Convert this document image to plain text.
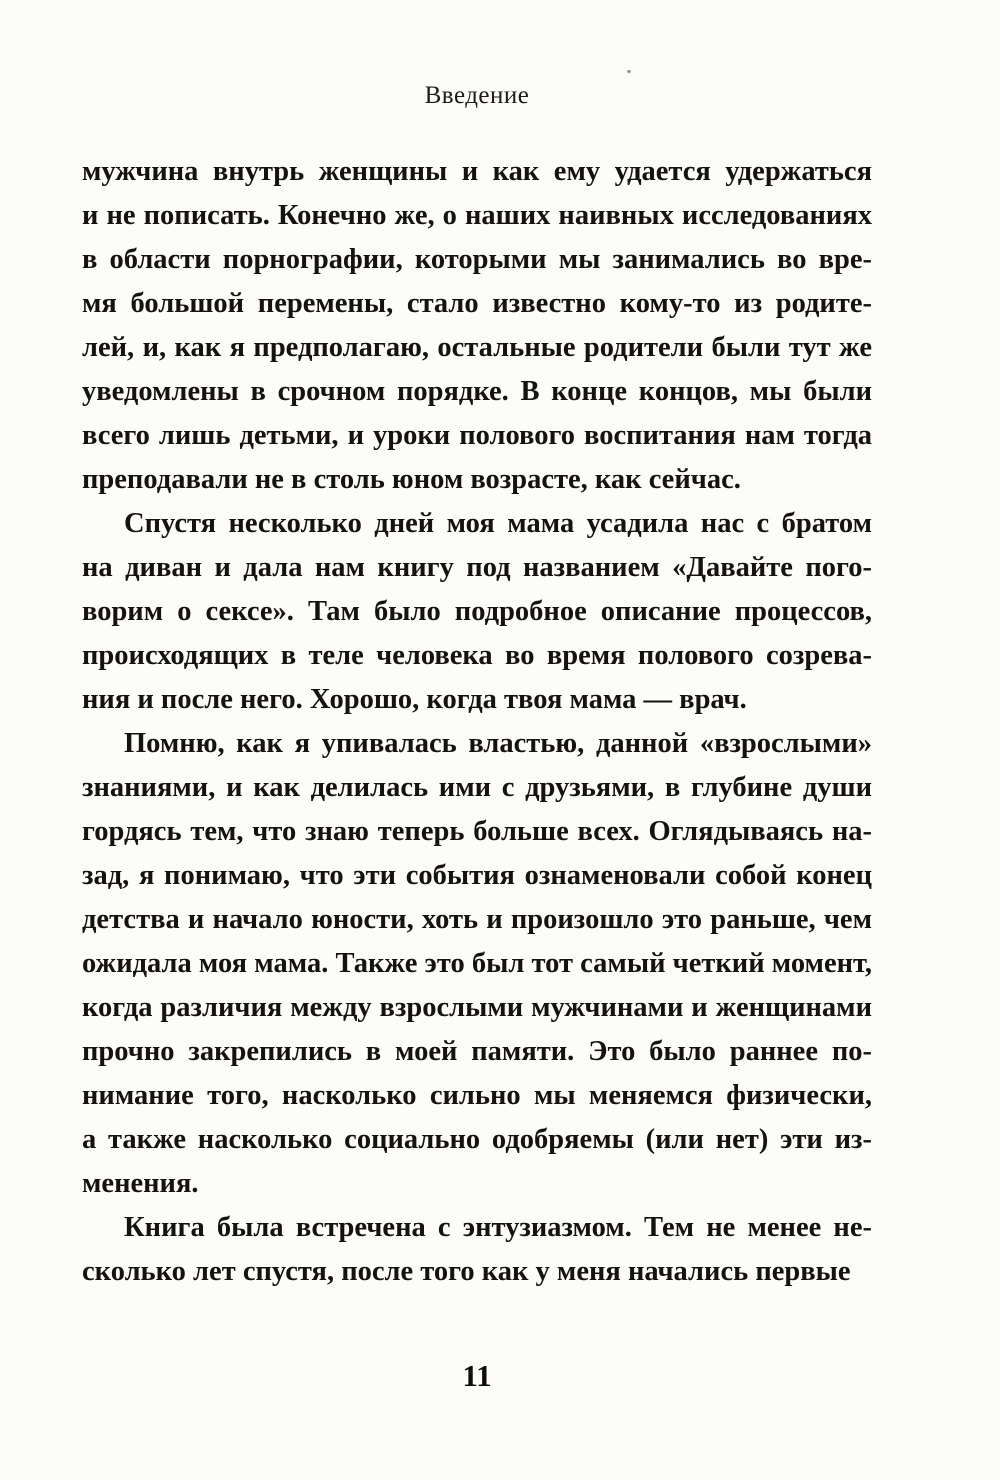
Введение
мужчина внутрь женщины и как ему удается удержаться
и не пописать. Конечно же, о наших наивных исследованиях
в области порнографии, которыми мы занимались во вре-
мя большой перемены, стало известно кому-то из родите-
лей, и, как я предполагаю, остальные родители были тут же
уведомлены в срочном порядке. В конце концов, мы были
всего лишь детьми, и уроки полового воспитания нам тогда
преподавали не в столь юном возрасте, как сейчас.
Спустя несколько дней моя мама усадила нас с братом
на диван и дала нам книгу под названием «Давайте пого-
ворим о сексе». Там было подробное описание процессов,
происходящих в теле человека во время полового созрева-
ния и после него. Хорошо, когда твоя мама — врач.
Помню, как я упивалась властью, данной «взрослыми»
знаниями, и как делилась ими с друзьями, в глубине души
гордясь тем, что знаю теперь больше всех. Оглядываясь на-
зад, я понимаю, что эти события ознаменовали собой конец
детства и начало юности, хоть и произошло это раньше, чем
ожидала моя мама. Также это был тот самый четкий момент,
когда различия между взрослыми мужчинами и женщинами
прочно закрепились в моей памяти. Это было раннее по-
нимание того, насколько сильно мы меняемся физически,
а также насколько социально одобряемы (или нет) эти из-
менения.
Книга была встречена с энтузиазмом. Тем не менее не-
сколько лет спустя, после того как у меня начались первые
11
